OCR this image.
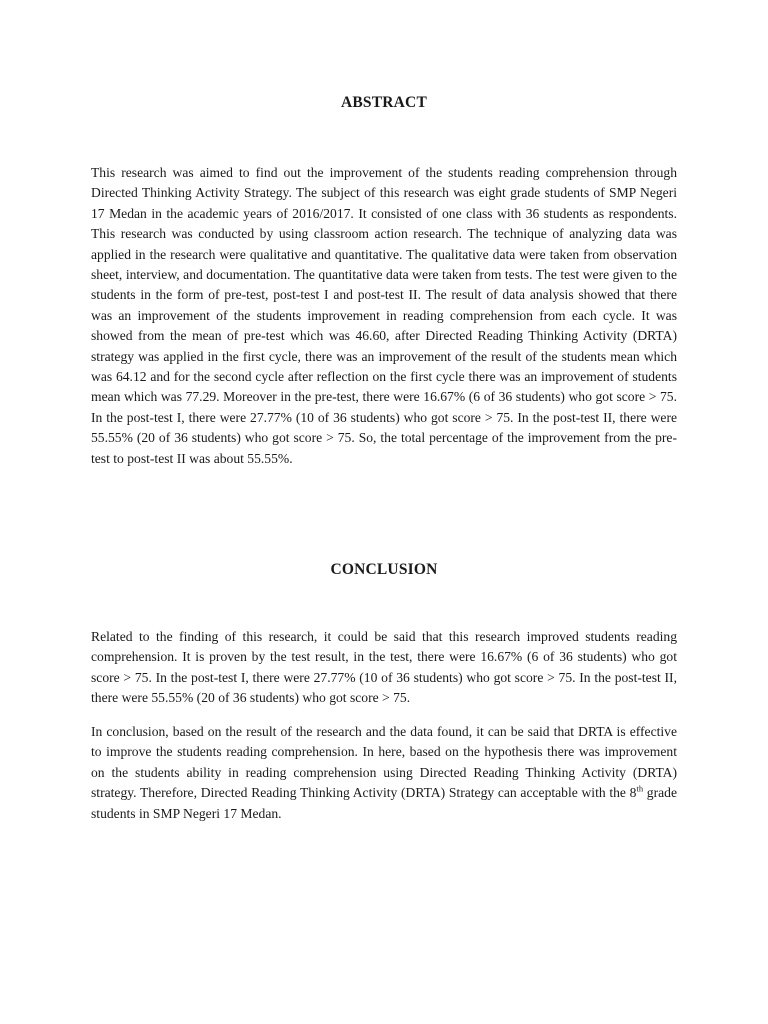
ABSTRACT

This research was aimed to find out the improvement of the students reading comprehension through Directed Thinking Activity Strategy. The subject of this research was eight grade students of SMP Negeri 17 Medan in the academic years of 2016/2017. It consisted of one class with 36 students as respondents. This research was conducted by using classroom action research. The technique of analyzing data was applied in the research were qualitative and quantitative. The qualitative data were taken from observation sheet, interview, and documentation. The quantitative data were taken from tests. The test were given to the students in the form of pre-test, post-test I and post-test II. The result of data analysis showed that there was an improvement of the students improvement in reading comprehension from each cycle. It was showed from the mean of pre-test which was 46.60, after Directed Reading Thinking Activity (DRTA) strategy was applied in the first cycle, there was an improvement of the result of the students mean which was 64.12 and for the second cycle after reflection on the first cycle there was an improvement of students mean which was 77.29. Moreover in the pre-test, there were 16.67% (6 of 36 students) who got score > 75. In the post-test I, there were 27.77% (10 of 36 students) who got score > 75. In the post-test II, there were 55.55% (20 of 36 students) who got score > 75. So, the total percentage of the improvement from the pre-test to post-test II was about 55.55%.

CONCLUSION

Related to the finding of this research, it could be said that this research improved students reading comprehension. It is proven by the test result, in the test, there were 16.67% (6 of 36 students) who got score > 75. In the post-test I, there were 27.77% (10 of 36 students) who got score > 75. In the post-test II, there were 55.55% (20 of 36 students) who got score > 75.

In conclusion, based on the result of the research and the data found, it can be said that DRTA is effective to improve the students reading comprehension. In here, based on the hypothesis there was improvement on the students ability in reading comprehension using Directed Reading Thinking Activity (DRTA) strategy. Therefore, Directed Reading Thinking Activity (DRTA) Strategy can acceptable with the 8th grade students in SMP Negeri 17 Medan.
